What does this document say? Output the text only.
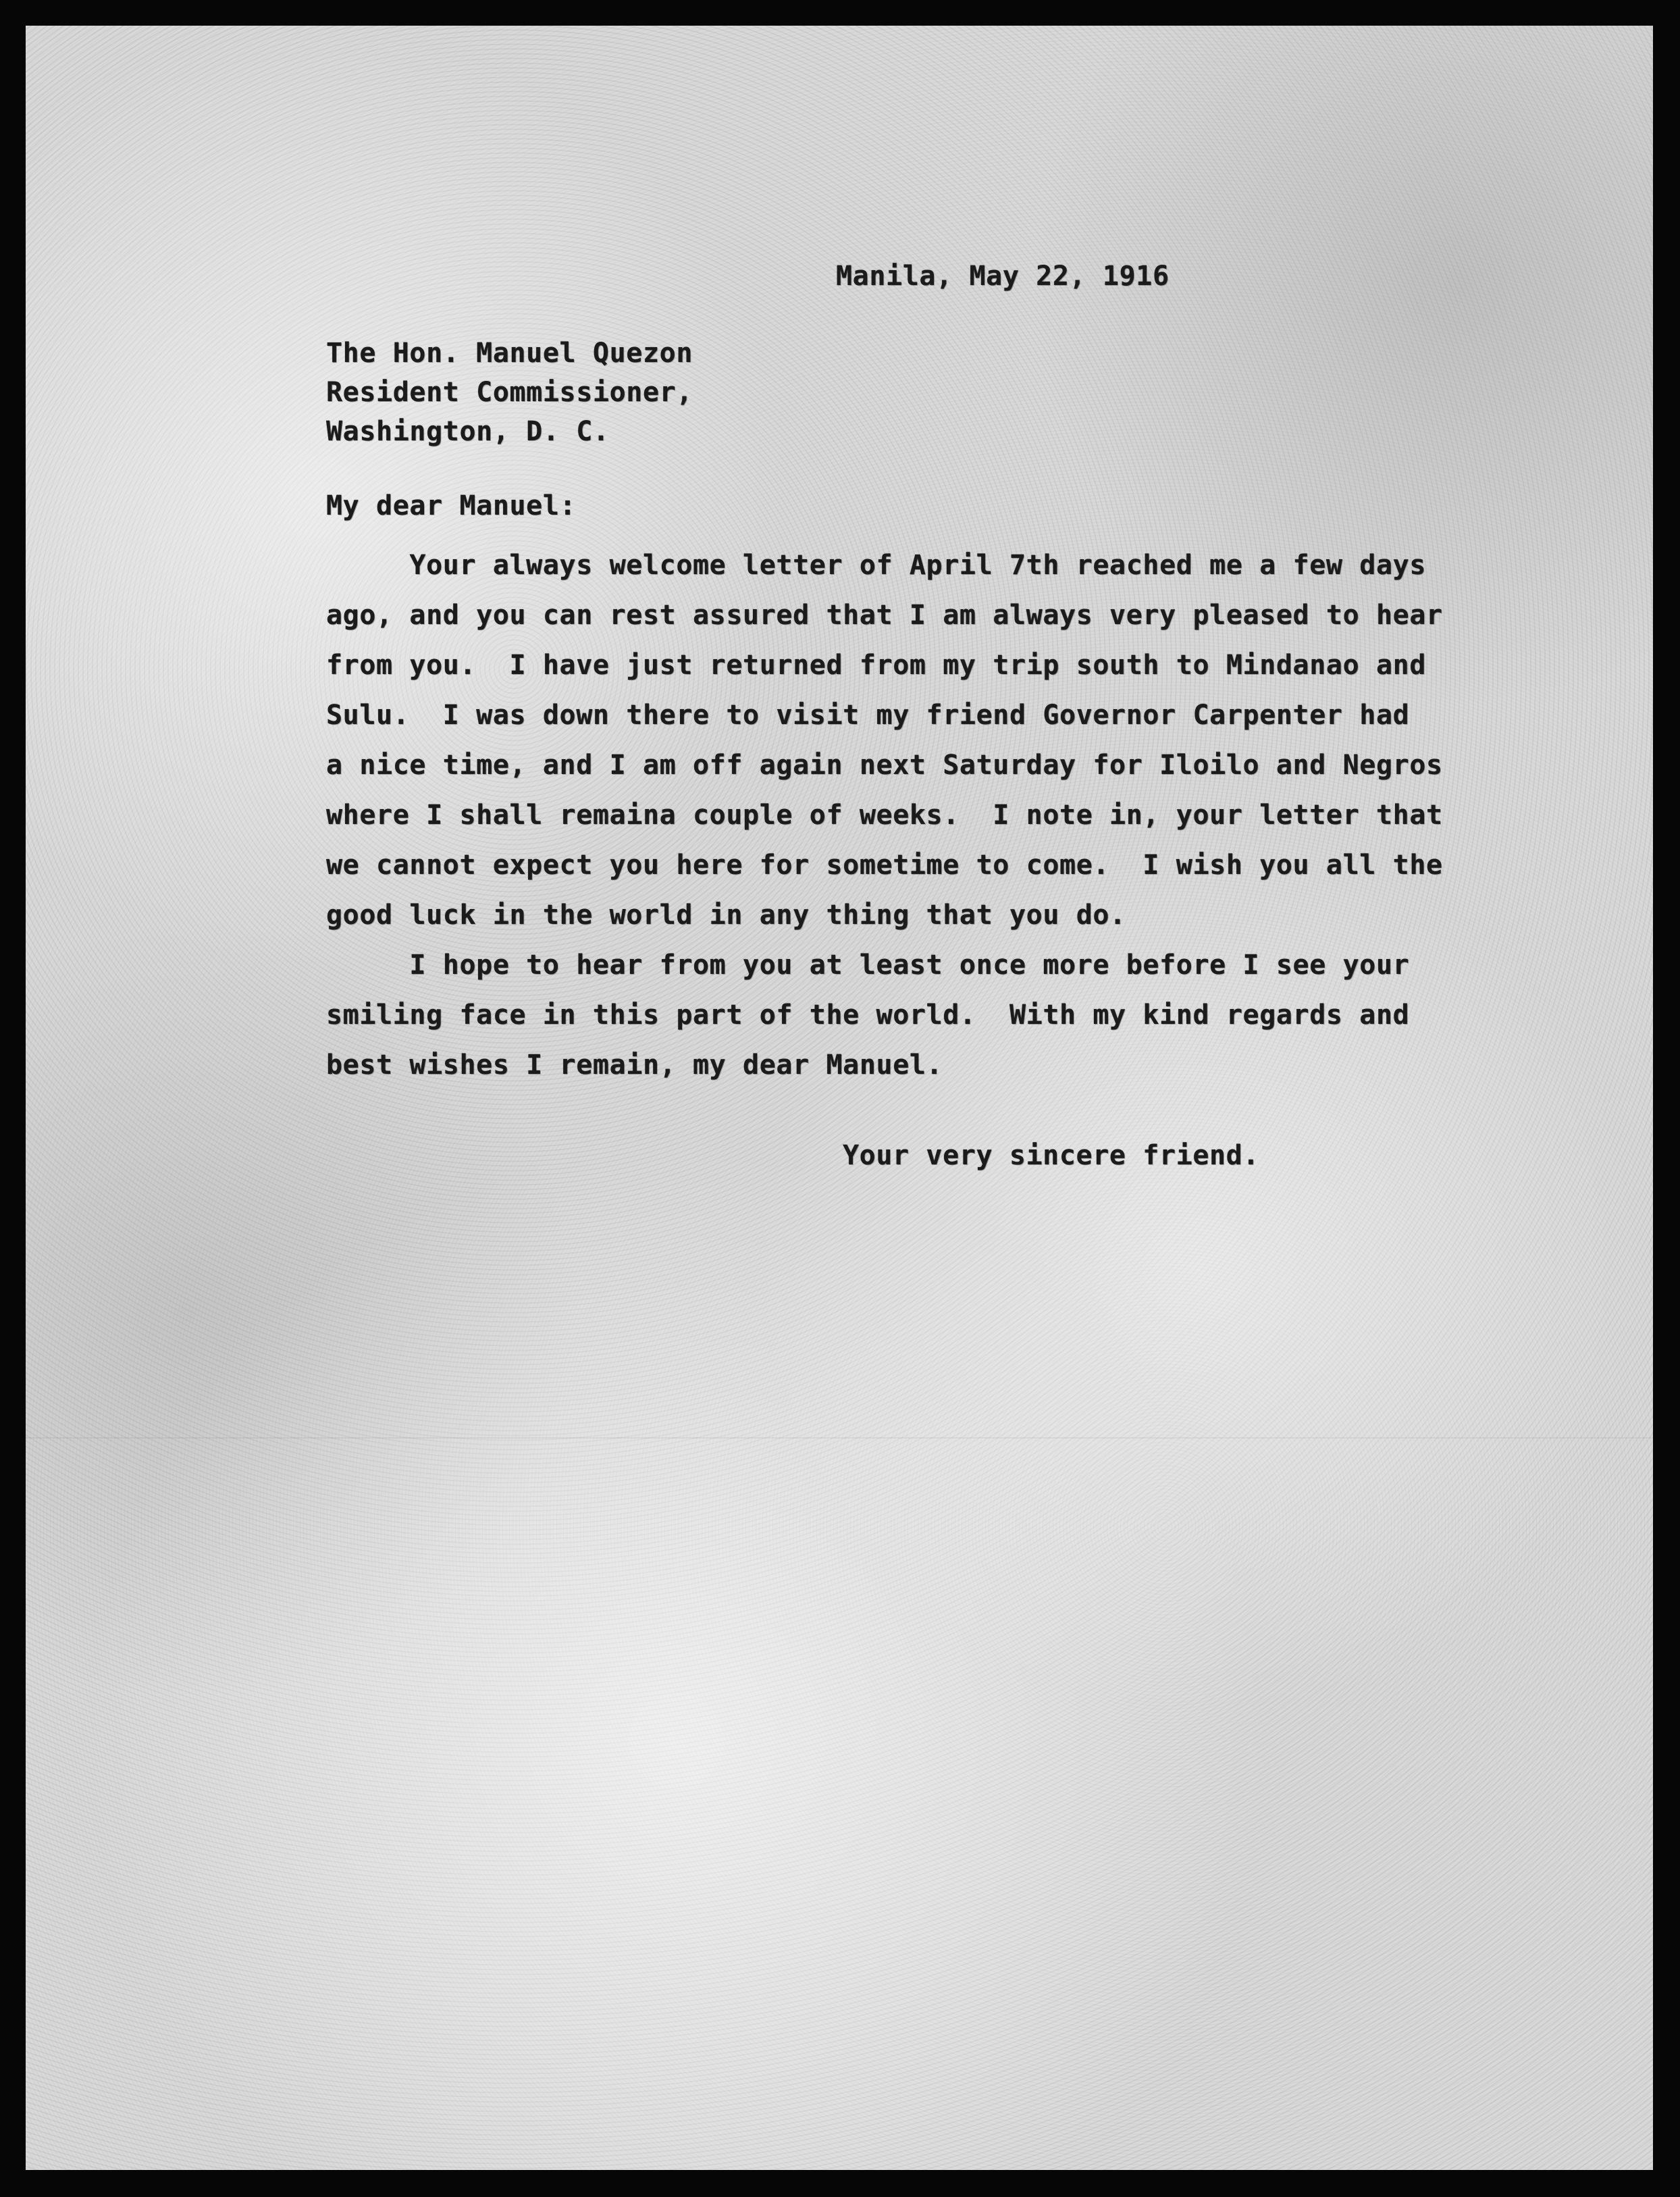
Manila, May 22, 1916
The Hon. Manuel Quezon
Resident Commissioner,
Washington, D. C.
My dear Manuel:
Your always welcome letter of April 7th reached me a few days
ago, and you can rest assured that I am always very pleased to hear
from you.  I have just returned from my trip south to Mindanao and
Sulu.  I was down there to visit my friend Governor Carpenter had
a nice time, and I am off again next Saturday for Iloilo and Negros
where I shall remaina couple of weeks.  I note in, your letter that
we cannot expect you here for sometime to come.  I wish you all the
good luck in the world in any thing that you do.
I hope to hear from you at least once more before I see your
smiling face in this part of the world.  With my kind regards and
best wishes I remain, my dear Manuel.
Your very sincere friend.
